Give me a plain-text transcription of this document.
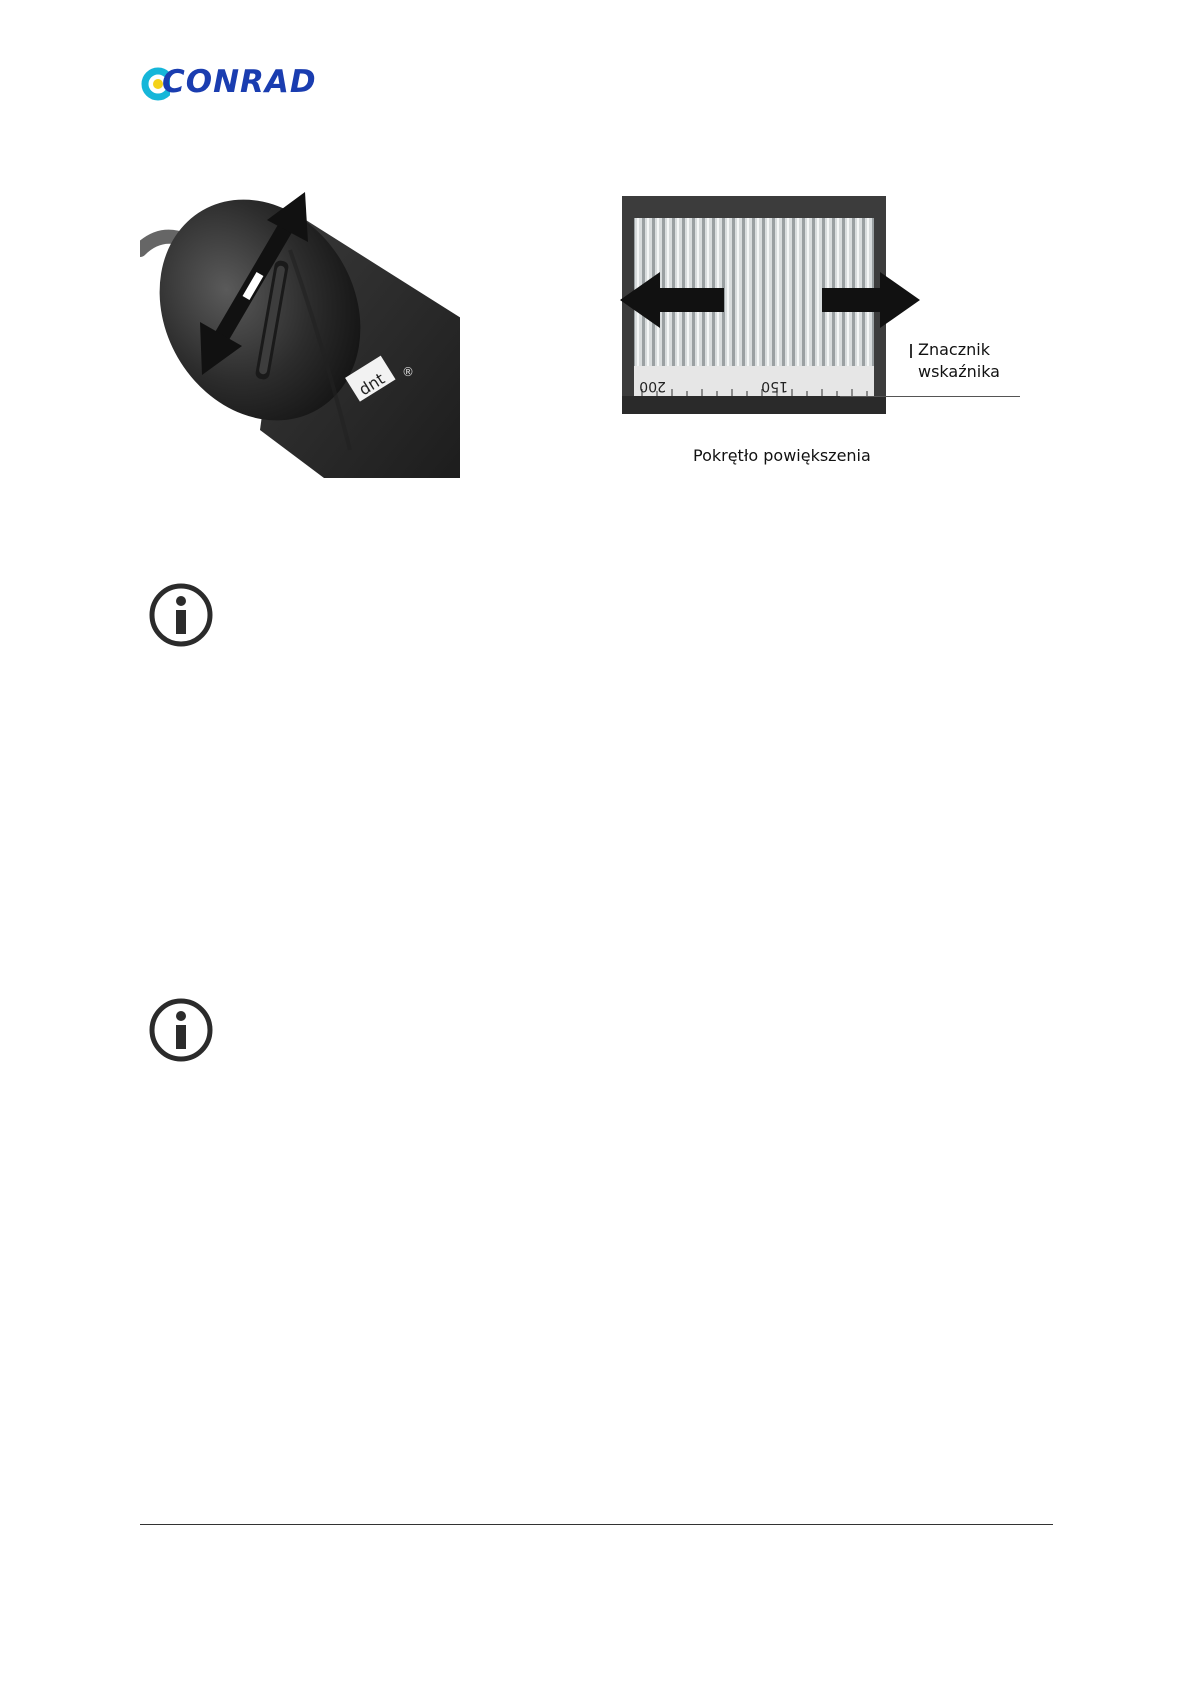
CONRAD
dnt ®
200	150
Znacznik
wskaźnika
Pokrętło powiększenia
